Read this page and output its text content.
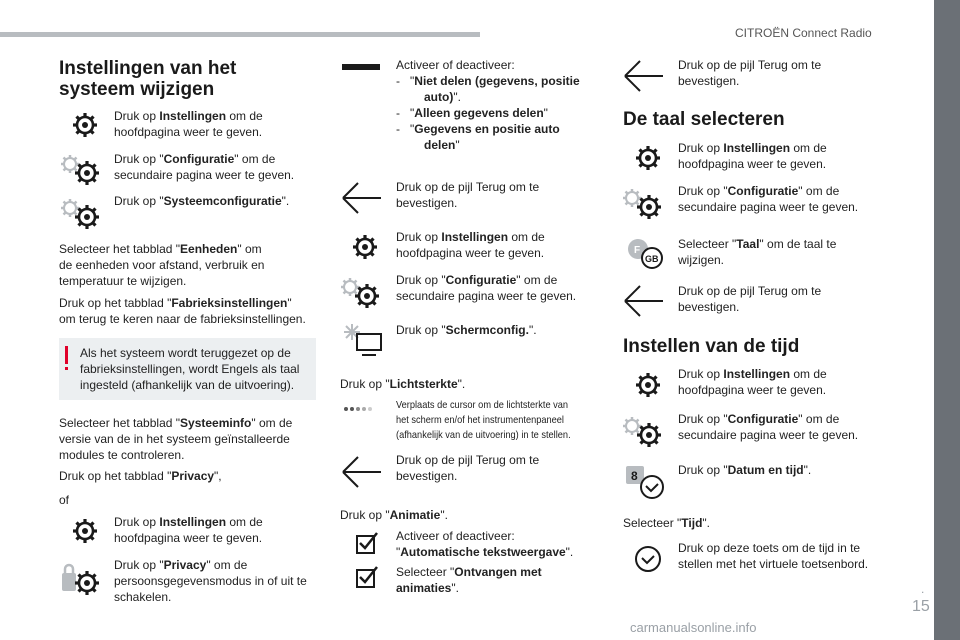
CITROËN Connect Radio
.
15
carmanualsonline.info
Instellingen van het
systeem wijzigen
Druk op Instellingen om de
hoofdpagina weer te geven.
Druk op "Configuratie" om de
secundaire pagina weer te geven.
Druk op "Systeemconfiguratie".
Selecteer het tabblad "Eenheden" om
de eenheden voor afstand, verbruik en
temperatuur te wijzigen.
Druk op het tabblad "Fabrieksinstellingen"
om terug te keren naar de fabrieksinstellingen.
Als het systeem wordt teruggezet op de
fabrieksinstellingen, wordt Engels als taal
ingesteld (afhankelijk van de uitvoering).
Selecteer het tabblad "Systeeminfo" om de
versie van de in het systeem geïnstalleerde
modules te controleren.
Druk op het tabblad "Privacy",
of
Druk op Instellingen om de
hoofdpagina weer te geven.
Druk op "Privacy" om de
persoonsgegevensmodus in of uit te
schakelen.
Activeer of deactiveer:
- "Niet delen (gegevens, positie
auto)".
- "Alleen gegevens delen"
- "Gegevens en positie auto
delen"
Druk op de pijl Terug om te
bevestigen.
Druk op Instellingen om de
hoofdpagina weer te geven.
Druk op "Configuratie" om de
secundaire pagina weer te geven.
Druk op "Schermconfig.".
Druk op "Lichtsterkte".
Verplaats de cursor om de lichtsterkte van
het scherm en/of het instrumentenpaneel
(afhankelijk van de uitvoering) in te stellen.
Druk op de pijl Terug om te
bevestigen.
Druk op "Animatie".
Activeer of deactiveer:
"Automatische tekstweergave".
Selecteer "Ontvangen met
animaties".
Druk op de pijl Terug om te
bevestigen.
De taal selecteren
Druk op Instellingen om de
hoofdpagina weer te geven.
Druk op "Configuratie" om de
secundaire pagina weer te geven.
F
GB
Selecteer "Taal" om de taal te
wijzigen.
Druk op de pijl Terug om te
bevestigen.
Instellen van de tijd
Druk op Instellingen om de
hoofdpagina weer te geven.
Druk op "Configuratie" om de
secundaire pagina weer te geven.
8	Druk op "Datum en tijd".
Selecteer "Tijd".
Druk op deze toets om de tijd in te
stellen met het virtuele toetsenbord.
